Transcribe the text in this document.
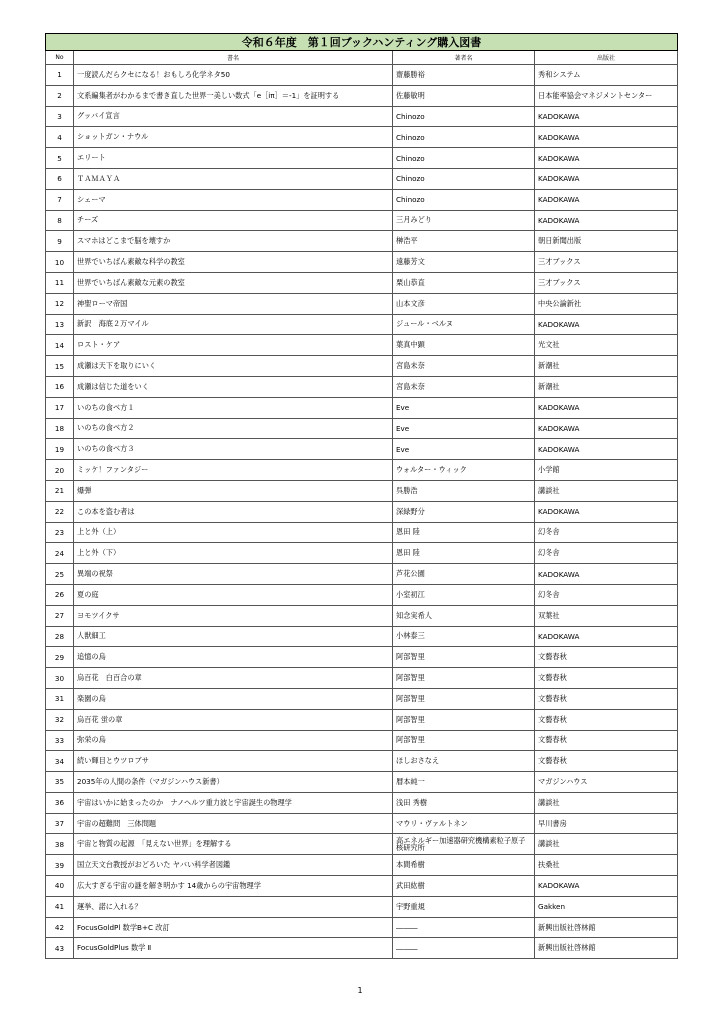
令和６年度　第１回ブックハンティング購入図書			
No	書名	著者名	出版社
1	一度読んだらクセになる！おもしろ化学ネタ50	齋藤勝裕	秀和システム
2	文系編集者がわかるまで書き直した世界一美しい数式「e［iπ］＝-1」を証明する	佐藤敏明	日本能率協会マネジメントセンター
3	グッバイ宣言	Chinozo	KADOKAWA
4	ショットガン・ナウル	Chinozo	KADOKAWA
5	エリート	Chinozo	KADOKAWA
6	ＴＡＭＡＹＡ	Chinozo	KADOKAWA
7	シェーマ	Chinozo	KADOKAWA
8	チーズ	三月みどり	KADOKAWA
9	スマホはどこまで脳を壊すか	榊浩平	朝日新聞出版
10	世界でいちばん素敵な科学の教室	遠藤芳文	三才ブックス
11	世界でいちばん素敵な元素の教室	栗山恭直	三才ブックス
12	神聖ローマ帝国	山本文彦	中央公論新社
13	新訳　海底２万マイル	ジュール・ベルヌ	KADOKAWA
14	ロスト・ケア	葉真中顕	光文社
15	成瀬は天下を取りにいく	宮島未奈	新潮社
16	成瀬は信じた道をいく	宮島未奈	新潮社
17	いのちの食べ方１	Eve	KADOKAWA
18	いのちの食べ方２	Eve	KADOKAWA
19	いのちの食べ方３	Eve	KADOKAWA
20	ミッケ！ファンタジー	ウォルター・ウィック	小学館
21	爆弾	呉勝浩	講談社
22	この本を盗む者は	深緑野分	KADOKAWA
23	上と外（上）	恩田 陸	幻冬舎
24	上と外（下）	恩田 陸	幻冬舎
25	異端の祝祭	芦花公園	KADOKAWA
26	夏の庭	小室初江	幻冬舎
27	ヨモツイクサ	知念実希人	双葉社
28	人獣細工	小林泰三	KADOKAWA
29	追憶の烏	阿部智里	文藝春秋
30	烏百花　白百合の章	阿部智里	文藝春秋
31	楽園の烏	阿部智里	文藝春秋
32	烏百花 蛍の章	阿部智里	文藝春秋
33	弥栄の烏	阿部智里	文藝春秋
34	続い輝目とウツロブサ	ほしおさなえ	文藝春秋
35	2035年の人間の条件（マガジンハウス新書）	暦本純一	マガジンハウス
36	宇宙はいかに始まったのか　ナノヘルツ重力波と宇宙誕生の物理学	浅田 秀樹	講談社
37	宇宙の超難問　三体問題	マウリ・ヴァルトネン	早川書房
38	宇宙と物質の起源　「見えない世界」を理解する	高エネルギー加速器研究機構素粒子原子核研究所	講談社
39	国立天文台教授がおどろいた ヤバい科学者図鑑	本間希樹	扶桑社
40	広大すぎる宇宙の謎を解き明かす 14歳からの宇宙物理学	武田紘樹	KADOKAWA
41	運挙、諾に入れる？	宇野重規	Gakken
42	FocusGoldPl 数学B+C 改訂	―――	新興出版社啓林館
43	FocusGoldPlus 数学 Ⅱ	―――	新興出版社啓林館
1
